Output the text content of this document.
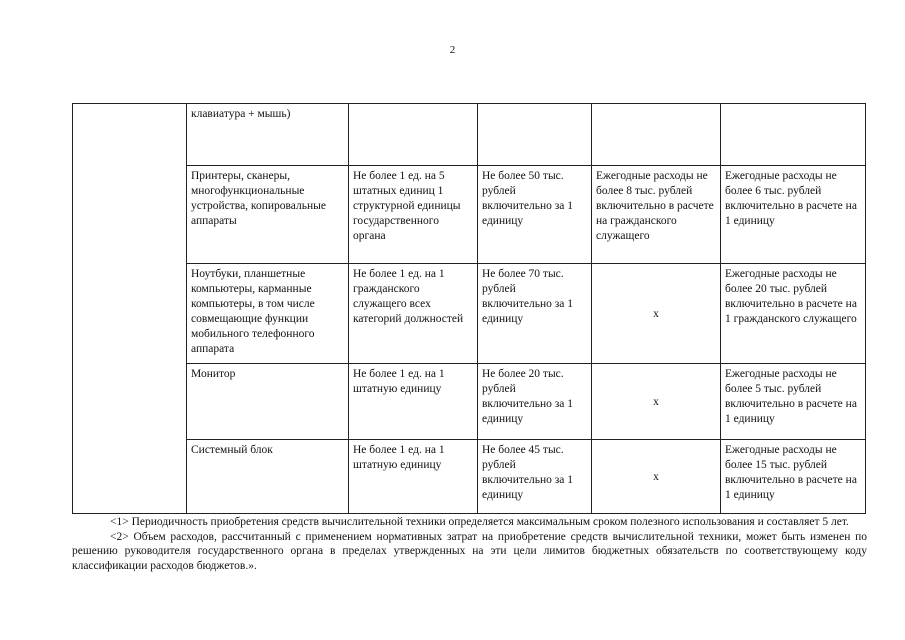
2
	клавиатура + мышь)				
	Принтеры, сканеры, многофункциональные устройства, копировальные аппараты	Не более 1 ед. на 5 штатных единиц 1 структурной единицы государственного органа	Не более 50 тыс. рублей включительно за 1 единицу	Ежегодные расходы не более 8 тыс. рублей включительно в расчете на гражданского служащего	Ежегодные расходы не более 6 тыс. рублей включительно в расчете на 1 единицу
	Ноутбуки, планшетные компьютеры, карманные компьютеры, в том числе совмещающие функции мобильного телефонного аппарата	Не более 1 ед. на 1 гражданского служащего всех категорий должностей	Не более 70 тыс. рублей включительно за 1 единицу	x	Ежегодные расходы не более 20 тыс. рублей включительно в расчете на 1 гражданского служащего
	Монитор	Не более 1 ед. на 1 штатную единицу	Не более 20 тыс. рублей включительно за 1 единицу	x	Ежегодные расходы не более 5 тыс. рублей включительно в расчете на 1 единицу
	Системный блок	Не более 1 ед. на 1 штатную единицу	Не более 45 тыс. рублей включительно за 1 единицу	x	Ежегодные расходы не более 15 тыс. рублей включительно в расчете на 1 единицу

<1> Периодичность приобретения средств вычислительной техники определяется максимальным сроком полезного использования и составляет 5 лет.

<2> Объем расходов, рассчитанный с применением нормативных затрат на приобретение средств вычислительной техники, может быть изменен по решению руководителя государственного органа в пределах утвержденных на эти цели лимитов бюджетных обязательств по соответствующему коду классификации расходов бюджетов.».
